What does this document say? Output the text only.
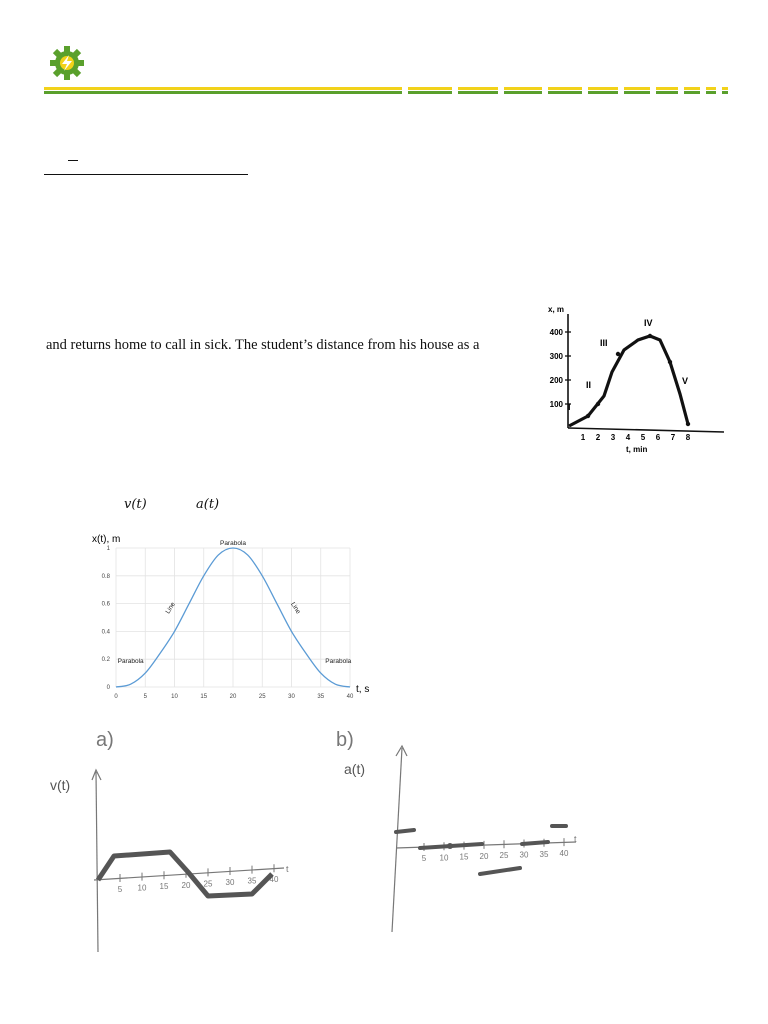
and returns home to call in sick. The student’s distance from his house as a
x, m
100
200
300
400
1 2 3 4 5 6 7 8
I
II
III
IV
V
t, min
v(t)	a(t)
x(t), m
t, s
0	5	10	15	20	25	30	35	40
0
0.2
0.4
0.6
0.8
1
Parabola
Line	Line
Parabola	Parabola
a)
v(t)
t
5 10 15 20 25 30 35 40
b)
a(t)
t
5 10 15 20 25 30 35 40
